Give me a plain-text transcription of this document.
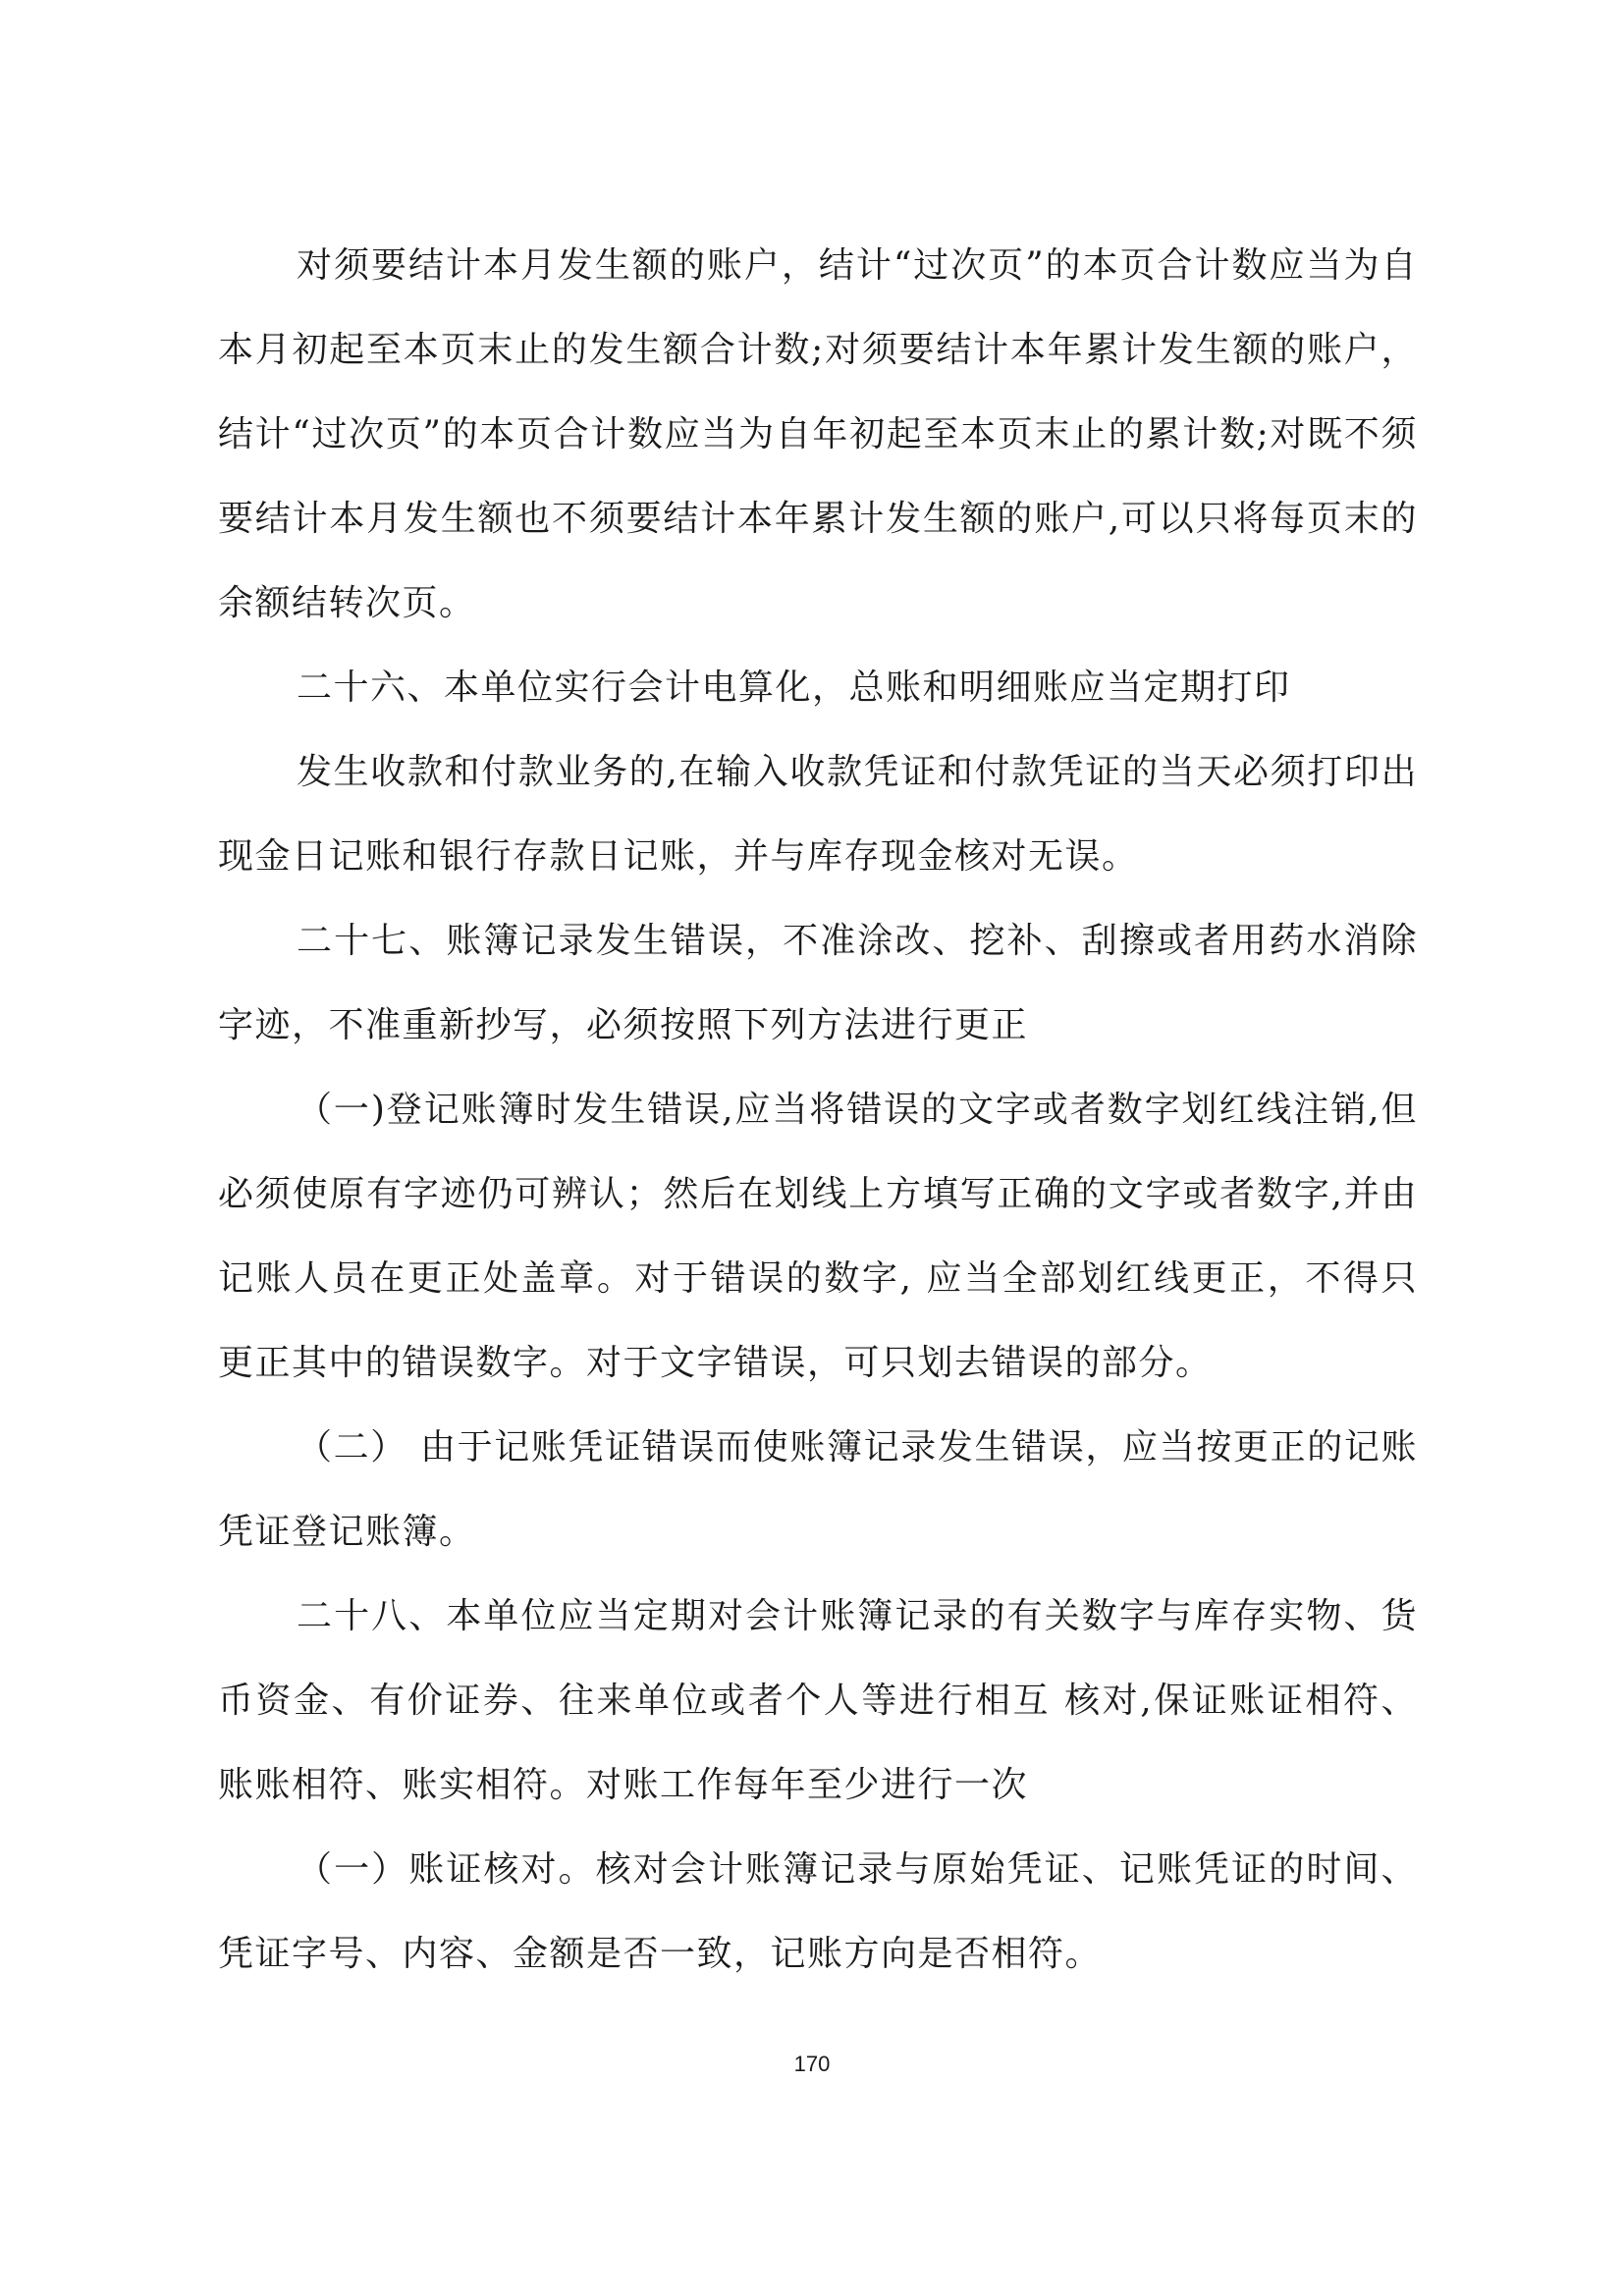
对须要结计本月发生额的账户，结计“过次页”的本页合计数应当为自本月初起至本页末止的发生额合计数;对须要结计本年累计发生额的账户，结计“过次页”的本页合计数应当为自年初起至本页末止的累计数;对既不须要结计本月发生额也不须要结计本年累计发生额的账户,可以只将每页末的余额结转次页。

二十六、本单位实行会计电算化，总账和明细账应当定期打印

发生收款和付款业务的,在输入收款凭证和付款凭证的当天必须打印出现金日记账和银行存款日记账，并与库存现金核对无误。

二十七、账簿记录发生错误，不准涂改、挖补、刮擦或者用药水消除字迹，不准重新抄写，必须按照下列方法进行更正

（一)登记账簿时发生错误,应当将错误的文字或者数字划红线注销,但必须使原有字迹仍可辨认；然后在划线上方填写正确的文字或者数字,并由记账人员在更正处盖章。对于错误的数字, 应当全部划红线更正，不得只更正其中的错误数字。对于文字错误，可只划去错误的部分。

（二） 由于记账凭证错误而使账簿记录发生错误，应当按更正的记账凭证登记账簿。

二十八、本单位应当定期对会计账簿记录的有关数字与库存实物、货币资金、有价证券、往来单位或者个人等进行相互 核对,保证账证相符、账账相符、账实相符。对账工作每年至少进行一次

（一）账证核对。核对会计账簿记录与原始凭证、记账凭证的时间、凭证字号、内容、金额是否一致，记账方向是否相符。

170
